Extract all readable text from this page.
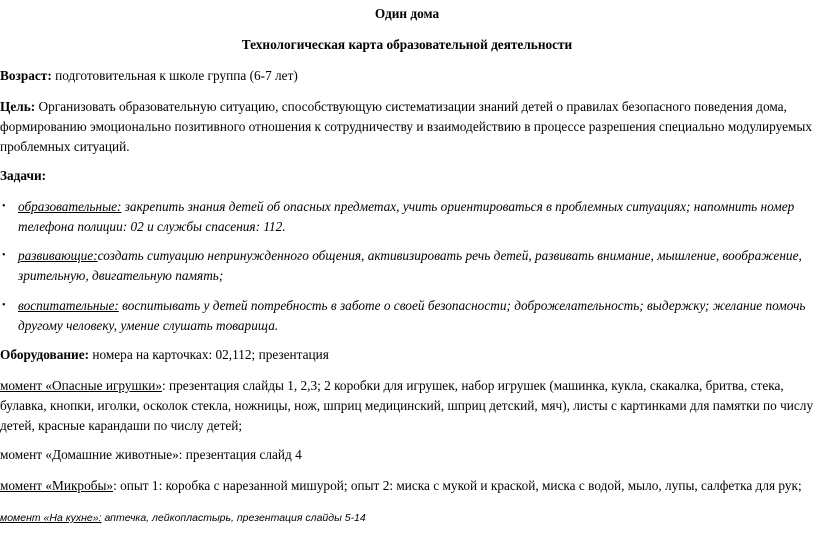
Один дома
Технологическая карта образовательной деятельности
Возраст: подготовительная к школе группа (6-7 лет)
Цель: Организовать образовательную ситуацию, способствующую систематизации знаний детей о правилах безопасного поведения дома, формированию эмоционально позитивного отношения к сотрудничеству и взаимодействию в процессе разрешения специально модулируемых проблемных ситуаций.
Задачи:
• образовательные: закрепить знания детей об опасных предметах, учить ориентироваться в проблемных ситуациях; напомнить номер телефона полиции: 02 и службы спасения: 112.
• развивающие:создать ситуацию непринужденного общения, активизировать речь детей, развивать внимание, мышление, воображение, зрительную, двигательную память;
• воспитательные: воспитывать у детей потребность в заботе о своей безопасности; доброжелательность; выдержку; желание помочь другому человеку, умение слушать товарища.
Оборудование: номера на карточках: 02,112; презентация
момент «Опасные игрушки»: презентация слайды 1, 2,3; 2 коробки для игрушек, набор игрушек (машинка, кукла, скакалка, бритва, стека, булавка, кнопки, иголки, осколок стекла, ножницы, нож, шприц медицинский, шприц детский, мяч), листы с картинками для памятки по числу детей, красные карандаши по числу детей;
момент «Домашние животные»: презентация слайд 4
момент «Микробы»: опыт 1: коробка с нарезанной мишурой; опыт 2: миска с мукой и краской, миска с водой, мыло, лупы, салфетка для рук;
момент «На кухне»: аптечка, лейкопластырь, презентация слайды 5-14
